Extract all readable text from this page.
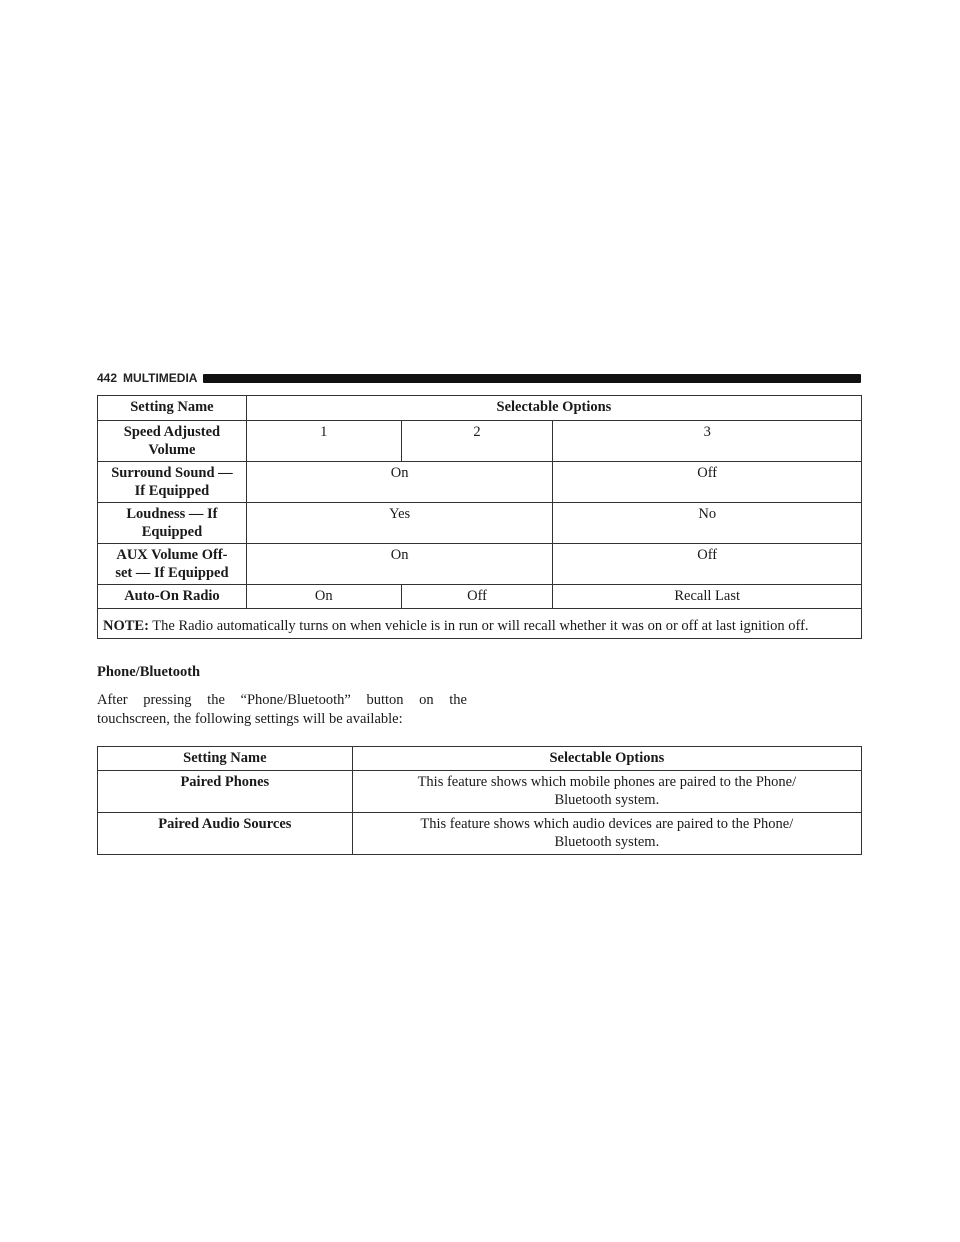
442 MULTIMEDIA
Setting Name	Selectable Options		
Speed Adjusted
Volume	1	2	3
Surround Sound —
If Equipped	On		Off
Loudness — If
Equipped	Yes		No
AUX Volume Off-
set — If Equipped	On		Off
Auto-On Radio	On	Off	Recall Last
NOTE: The Radio automatically turns on when vehicle is in run or will recall whether it was on or off at last ignition off.			
Phone/Bluetooth
After pressing the “Phone/Bluetooth” button on the touchscreen, the following settings will be available:
Setting Name	Selectable Options
Paired Phones	This feature shows which mobile phones are paired to the Phone/
Bluetooth system.
Paired Audio Sources	This feature shows which audio devices are paired to the Phone/
Bluetooth system.
